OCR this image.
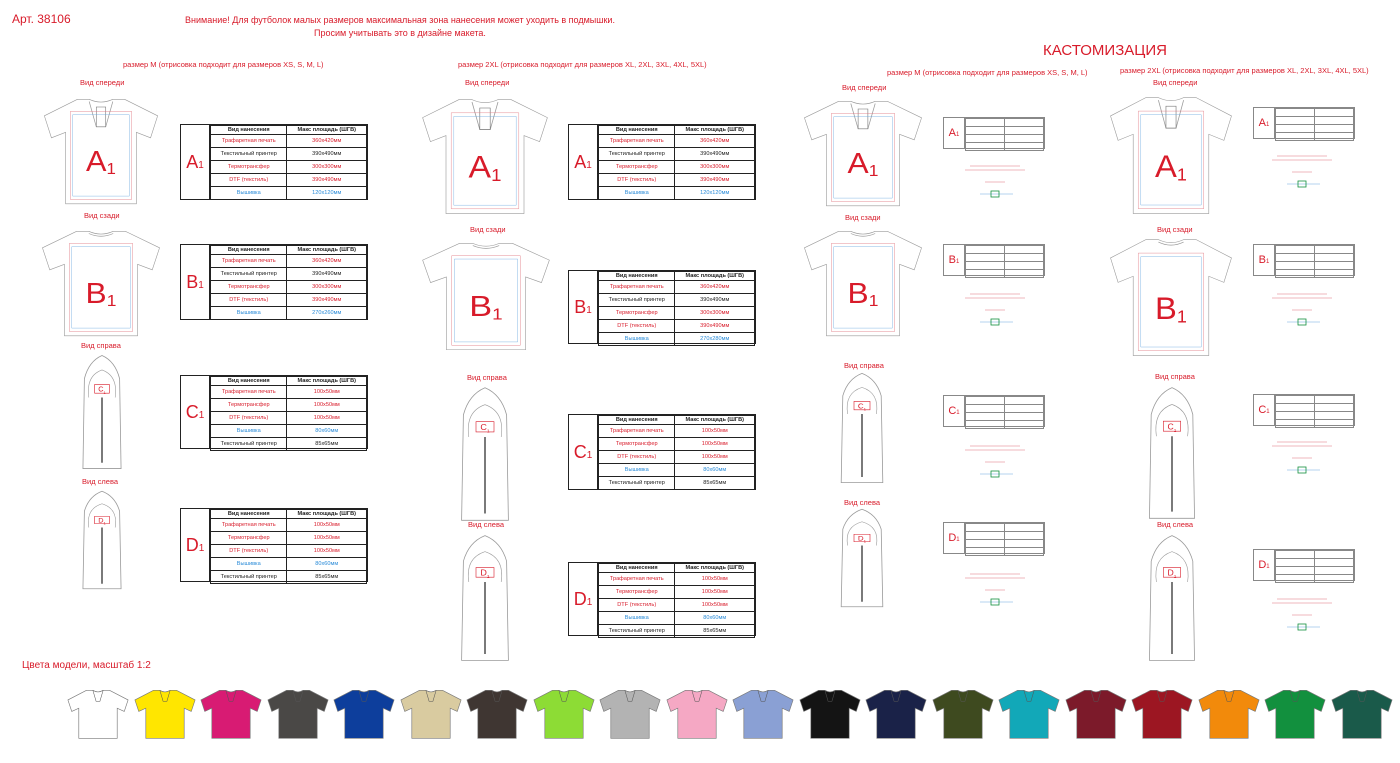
Арт. 38106	Внимание! Для футболок малых размеров максимальная зона нанесения может уходить в подмышки.
Просим учитывать это в дизайне макета.
КАСТОМИЗАЦИЯ
размер M (отрисовка подходит для размеров XS, S, M, L)	размер 2XL (отрисовка подходит для размеров XL, 2XL, 3XL, 4XL, 5XL)
размер M (отрисовка подходит для размеров XS, S, M, L)	размер 2XL (отрисовка подходит для размеров XL, 2XL, 3XL, 4XL, 5XL)
Вид спереди
Вид сзади
Вид справа
Вид слева
Вид спереди
Вид сзади
Вид справа
Вид слева
Вид спереди
Вид сзади
Вид справа
Вид слева
Вид спереди
Вид сзади
Вид справа
Вид слева
Цвета модели, масштаб 1:2
A1
B1
$C_1$
$D_1$
A1
B1
$C_1$
$D_1$
A1
B1
$C_1$
$D_1$
A1
B1
$C_1$
$D_1$
$A_1$
Вид нанесения	Макс площадь (ШГВ)
Трафаретная печать	360х420мм
Текстильный принтер	390х490мм
Термотрансфер	300х300мм
DTF (текстиль)	390х490мм
Вышивка	120х120мм
$B_1$
Вид нанесения	Макс площадь (ШГВ)
Трафаретная печать	360х420мм
Текстильный принтер	390х490мм
Термотрансфер	300х300мм
DTF (текстиль)	390х490мм
Вышивка	270х260мм
$C_1$
Вид нанесения	Макс площадь (ШГВ)
Трафаретная печать	100х50мм
Термотрансфер	100х50мм
DTF (текстиль)	100х50мм
Вышивка	80х60мм
Текстильный принтер	85х65мм
$D_1$
Вид нанесения	Макс площадь (ШГВ)
Трафаретная печать	100х50мм
Термотрансфер	100х50мм
DTF (текстиль)	100х50мм
Вышивка	80х60мм
Текстильный принтер	85х65мм
$A_1$
Вид нанесения	Макс площадь (ШГВ)
Трафаретная печать	360х420мм
Текстильный принтер	390х490мм
Термотрансфер	300х300мм
DTF (текстиль)	390х490мм
Вышивка	120х120мм
$B_1$
Вид нанесения	Макс площадь (ШГВ)
Трафаретная печать	360х420мм
Текстильный принтер	390х490мм
Термотрансфер	300х300мм
DTF (текстиль)	390х490мм
Вышивка	270х280мм
$C_1$
Вид нанесения	Макс площадь (ШГВ)
Трафаретная печать	100х50мм
Термотрансфер	100х50мм
DTF (текстиль)	100х50мм
Вышивка	80х60мм
Текстильный принтер	85х65мм
$D_1$
Вид нанесения	Макс площадь (ШГВ)
Трафаретная печать	100х50мм
Термотрансфер	100х50мм
DTF (текстиль)	100х50мм
Вышивка	80х60мм
Текстильный принтер	85х65мм
$A_1$

$B_1$

$C_1$

$D_1$

$A_1$

$B_1$

$C_1$

$D_1$
